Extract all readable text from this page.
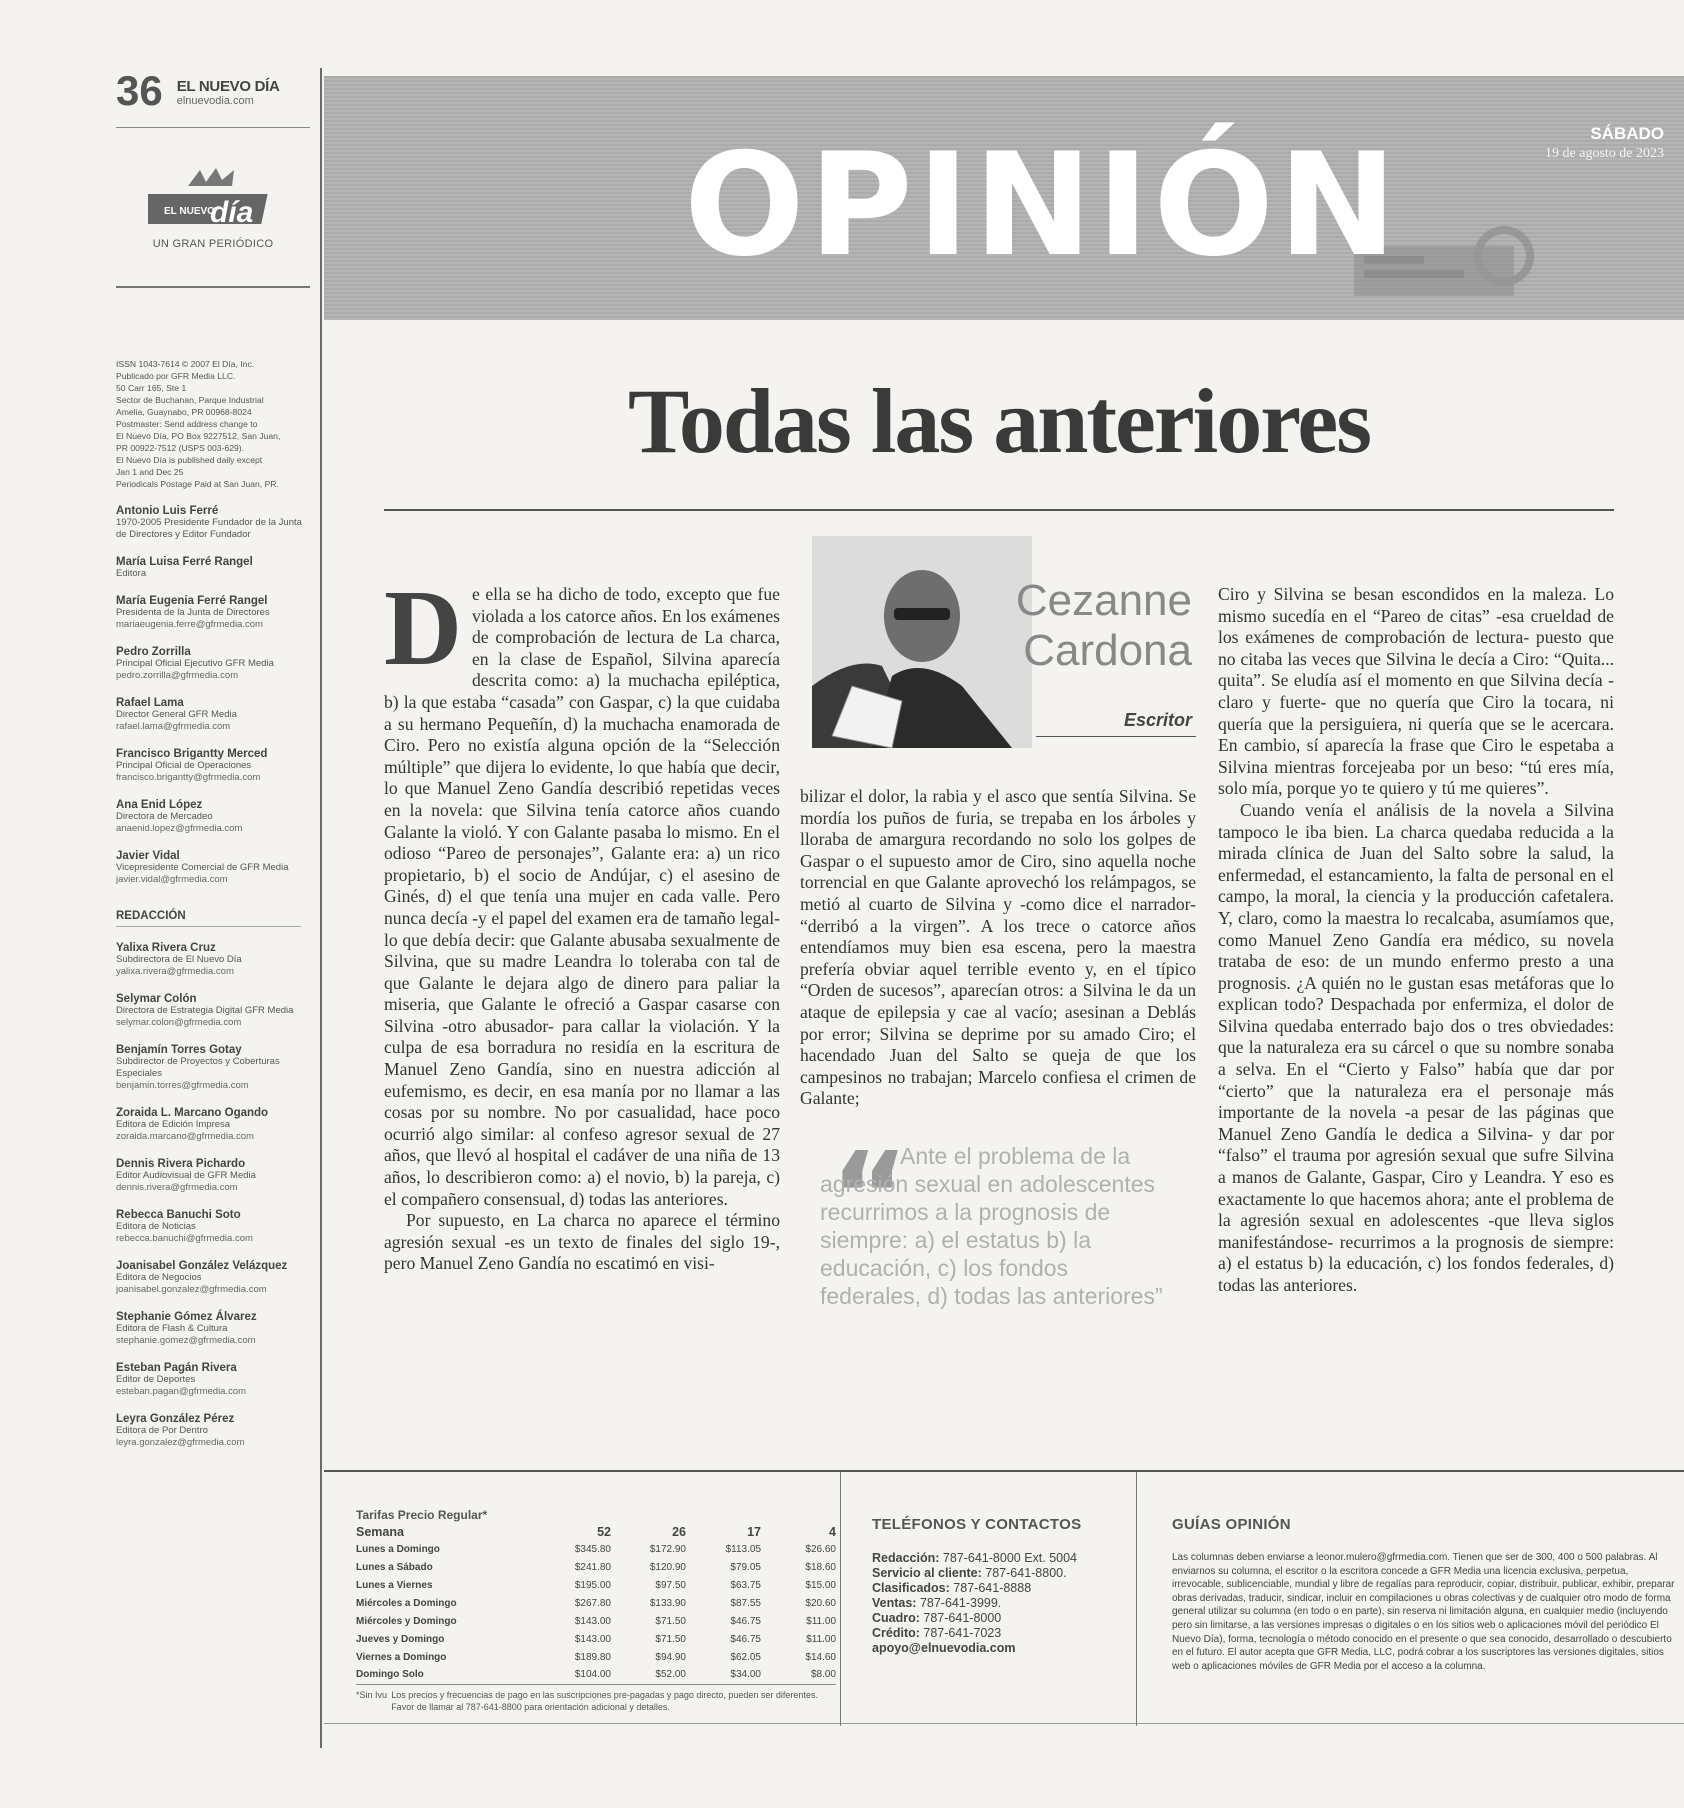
36 EL NUEVO DÍA
elnuevodia.com
EL NUEVO
día
UN GRAN PERIÓDICO
ISSN 1043-7614 © 2007 El Día, Inc.
Publicado por GFR Media LLC.
50 Carr 165, Ste 1
Sector de Buchanan, Parque Industrial
Amelia, Guaynabo, PR 00968-8024
Postmaster: Send address change to
El Nuevo Día, PO Box 9227512, San Juan,
PR 00922-7512 (USPS 003-629).
El Nuevo Día is published daily except
Jan 1 and Dec 25
Periodicals Postage Paid at San Juan, PR.
Antonio Luis Ferré
1970-2005 Presidente Fundador de la Junta de Directores y Editor Fundador
María Luisa Ferré Rangel
Editora
María Eugenia Ferré Rangel
Presidenta de la Junta de Directores
mariaeugenia.ferre@gfrmedia.com
Pedro Zorrilla
Principal Oficial Ejecutivo GFR Media
pedro.zorrilla@gfrmedia.com
Rafael Lama
Director General GFR Media
rafael.lama@gfrmedia.com
Francisco Brigantty Merced
Principal Oficial de Operaciones
francisco.brigantty@gfrmedia.com
Ana Enid López
Directora de Mercadeo
anaenid.lopez@gfrmedia.com
Javier Vidal
Vicepresidente Comercial de GFR Media
javier.vidal@gfrmedia.com
REDACCIÓN
Yalixa Rivera Cruz
Subdirectora de El Nuevo Día
yalixa.rivera@gfrmedia.com
Selymar Colón
Directora de Estrategia Digital GFR Media
selymar.colon@gfrmedia.com
Benjamín Torres Gotay
Subdirector de Proyectos y Coberturas Especiales
benjamin.torres@gfrmedia.com
Zoraida L. Marcano Ogando
Editora de Edición Impresa
zoraida.marcano@gfrmedia.com
Dennis Rivera Pichardo
Editor Audiovisual de GFR Media
dennis.rivera@gfrmedia.com
Rebecca Banuchi Soto
Editora de Noticias
rebecca.banuchi@gfrmedia.com
Joanisabel González Velázquez
Editora de Negocios
joanisabel.gonzalez@gfrmedia.com
Stephanie Gómez Álvarez
Editora de Flash & Cultura
stephanie.gomez@gfrmedia.com
Esteban Pagán Rivera
Editor de Deportes
esteban.pagan@gfrmedia.com
Leyra González Pérez
Editora de Por Dentro
leyra.gonzalez@gfrmedia.com
OPINIÓN	SÁBADO
19 de agosto de 2023
Todas las anteriores

De ella se ha dicho de todo, excepto que fue violada a los catorce años. En los exámenes de comprobación de lectura de La charca, en la clase de Español, Silvina aparecía descrita como: a) la muchacha epiléptica, b) la que estaba “casada” con Gaspar, c) la que cuidaba a su hermano Pequeñín, d) la muchacha enamorada de Ciro. Pero no existía alguna opción de la “Selección múltiple” que dijera lo evidente, lo que había que decir, lo que Manuel Zeno Gandía describió repetidas veces en la novela: que Silvina tenía catorce años cuando Galante la violó. Y con Galante pasaba lo mismo. En el odioso “Pareo de personajes”, Galante era: a) un rico propietario, b) el socio de Andújar, c) el asesino de Ginés, d) el que tenía una mujer en cada valle. Pero nunca decía -y el papel del examen era de tamaño legal- lo que debía decir: que Galante abusaba sexualmente de Silvina, que su madre Leandra lo toleraba con tal de que Galante le dejara algo de dinero para paliar la miseria, que Galante le ofreció a Gaspar casarse con Silvina -otro abusador- para callar la violación. Y la culpa de esa borradura no residía en la escritura de Manuel Zeno Gandía, sino en nuestra adicción al eufemismo, es decir, en esa manía por no llamar a las cosas por su nombre. No por casualidad, hace poco ocurrió algo similar: al confeso agresor sexual de 27 años, que llevó al hospital el cadáver de una niña de 13 años, lo describieron como: a) el novio, b) la pareja, c) el compañero consensual, d) todas las anteriores.

Por supuesto, en La charca no aparece el término agresión sexual -es un texto de finales del siglo 19-, pero Manuel Zeno Gandía no escatimó en visi-

Cezanne
Cardona
Escritor

bilizar el dolor, la rabia y el asco que sentía Silvina. Se mordía los puños de furia, se trepaba en los árboles y lloraba de amargura recordando no solo los golpes de Gaspar o el supuesto amor de Ciro, sino aquella noche torrencial en que Galante aprovechó los relámpagos, se metió al cuarto de Silvina y -como dice el narrador- “derribó a la virgen”. A los trece o catorce años entendíamos muy bien esa escena, pero la maestra prefería obviar aquel terrible evento y, en el típico “Orden de sucesos”, aparecían otros: a Silvina le da un ataque de epilepsia y cae al vacío; asesinan a Deblás por error; Silvina se deprime por su amado Ciro; el hacendado Juan del Salto se queja de que los campesinos no trabajan; Marcelo confiesa el crimen de Galante;

“
Ante el problema de la agresión sexual en adolescentes recurrimos a la prognosis de siempre: a) el estatus b) la educación, c) los fondos federales, d) todas las anteriores”

Ciro y Silvina se besan escondidos en la maleza. Lo mismo sucedía en el “Pareo de citas” -esa crueldad de los exámenes de comprobación de lectura- puesto que no citaba las veces que Silvina le decía a Ciro: “Quita... quita”. Se eludía así el momento en que Silvina decía -claro y fuerte- que no quería que Ciro la tocara, ni quería que la persiguiera, ni quería que se le acercara. En cambio, sí aparecía la frase que Ciro le espetaba a Silvina mientras forcejeaba por un beso: “tú eres mía, solo mía, porque yo te quiero y tú me quieres”.

Cuando venía el análisis de la novela a Silvina tampoco le iba bien. La charca quedaba reducida a la mirada clínica de Juan del Salto sobre la salud, la enfermedad, el estancamiento, la falta de personal en el campo, la moral, la ciencia y la producción cafetalera. Y, claro, como la maestra lo recalcaba, asumíamos que, como Manuel Zeno Gandía era médico, su novela trataba de eso: de un mundo enfermo presto a una prognosis. ¿A quién no le gustan esas metáforas que lo explican todo? Despachada por enfermiza, el dolor de Silvina quedaba enterrado bajo dos o tres obviedades: que la naturaleza era su cárcel o que su nombre sonaba a selva. En el “Cierto y Falso” había que dar por “cierto” que la naturaleza era el personaje más importante de la novela -a pesar de las páginas que Manuel Zeno Gandía le dedica a Silvina- y dar por “falso” el trauma por agresión sexual que sufre Silvina a manos de Galante, Gaspar, Ciro y Leandra. Y eso es exactamente lo que hacemos ahora; ante el problema de la agresión sexual en adolescentes -que lleva siglos manifestándose- recurrimos a la prognosis de siempre: a) el estatus b) la educación, c) los fondos federales, d) todas las anteriores.

Tarifas Precio Regular*
Semana	52	26	17	4
Lunes a Domingo	$345.80	$172.90	$113.05	$26.60
Lunes a Sábado	$241.80	$120.90	$79.05	$18.60
Lunes a Viernes	$195.00	$97.50	$63.75	$15.00
Miércoles a Domingo	$267.80	$133.90	$87.55	$20.60
Miércoles y Domingo	$143.00	$71.50	$46.75	$11.00
Jueves y Domingo	$143.00	$71.50	$46.75	$11.00
Viernes a Domingo	$189.80	$94.90	$62.05	$14.60
Domingo Solo	$104.00	$52.00	$34.00	$8.00
*Sin Ivu Los precios y frecuencias de pago en las suscripciones pre-pagadas y pago directo, pueden ser diferentes. Favor de llamar al 787-641-8800 para orientación adicional y detalles.
TELÉFONOS Y CONTACTOS
Redacción: 787-641-8000 Ext. 5004
Servicio al cliente: 787-641-8800.
Clasificados: 787-641-8888
Ventas: 787-641-3999.
Cuadro: 787-641-8000
Crédito: 787-641-7023
apoyo@elnuevodia.com
GUÍAS OPINIÓN
Las columnas deben enviarse a leonor.mulero@gfrmedia.com. Tienen que ser de 300, 400 o 500 palabras. Al enviarnos su columna, el escritor o la escritora concede a GFR Media una licencia exclusiva, perpetua, irrevocable, sublicenciable, mundial y libre de regalías para reproducir, copiar, distribuir, publicar, exhibir, preparar obras derivadas, traducir, sindicar, incluir en compilaciones u obras colectivas y de cualquier otro modo de forma general utilizar su columna (en todo o en parte), sin reserva ni limitación alguna, en cualquier medio (incluyendo pero sin limitarse, a las versiones impresas o digitales o en los sitios web o aplicaciones móvil del periódico El Nuevo Día), forma, tecnología o método conocido en el presente o que sea conocido, desarrollado o descubierto en el futuro. El autor acepta que GFR Media, LLC, podrá cobrar a los suscriptores las versiones digitales, sitios web o aplicaciones móviles de GFR Media por el acceso a la columna.
